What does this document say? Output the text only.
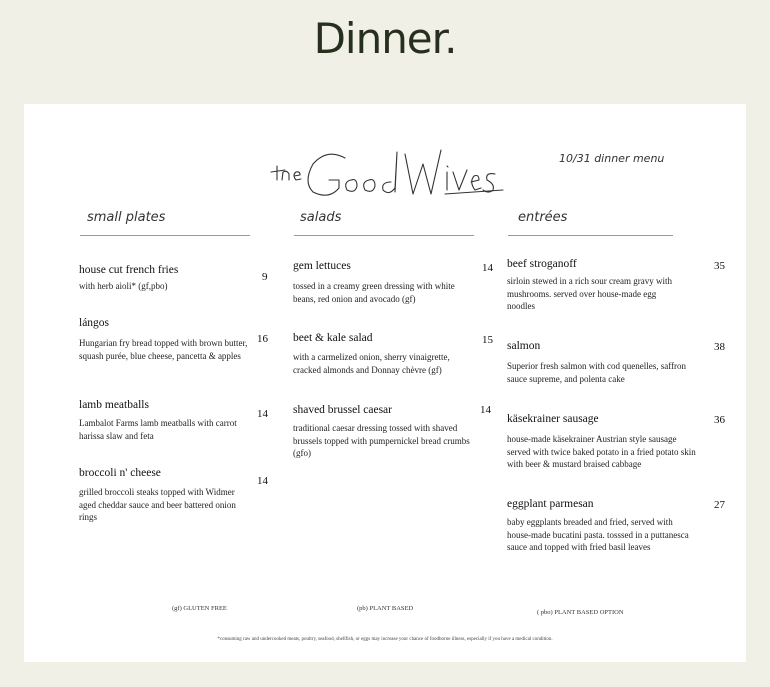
Dinner.
10/31 dinner menu
small plates	salads	entrées
house cut french fries
with herb aioli* (gf,pbo)
9
lángos
Hungarian fry bread topped with brown butter, squash purée, blue cheese, pancetta & apples
16
lamb meatballs
Lambalot Farms lamb meatballs with carrot harissa slaw and feta
14
broccoli n' cheese
grilled broccoli steaks topped with Widmer aged cheddar sauce and beer battered onion rings
14
gem lettuces
tossed in a creamy green dressing with white beans, red onion and avocado (gf)
14
beet & kale salad
with a carmelized onion, sherry vinaigrette, cracked almonds and Donnay chèvre (gf)
15
shaved brussel caesar
traditional caesar dressing tossed with shaved brussels topped with pumpernickel bread crumbs (gfo)
14
beef stroganoff
sirloin stewed in a rich sour cream gravy with mushrooms. served over house-made egg noodles
35
salmon
Superior fresh salmon with cod quenelles, saffron sauce supreme, and polenta cake
38
käsekrainer sausage
house-made käsekrainer Austrian style sausage served with twice baked potato in a fried potato skin with beer & mustard braised cabbage
36
eggplant parmesan
baby eggplants breaded and fried, served with house-made bucatini pasta. tosssed in a puttanesca sauce and topped with fried basil leaves
27
(gf) GLUTEN FREE	(pb) PLANT BASED
( pbo) PLANT BASED OPTION
*consuming raw and undercooked meats, poultry, seafood, shellfish, or eggs may increase your chance of foodborne illness, especially if you have a medical condition.
